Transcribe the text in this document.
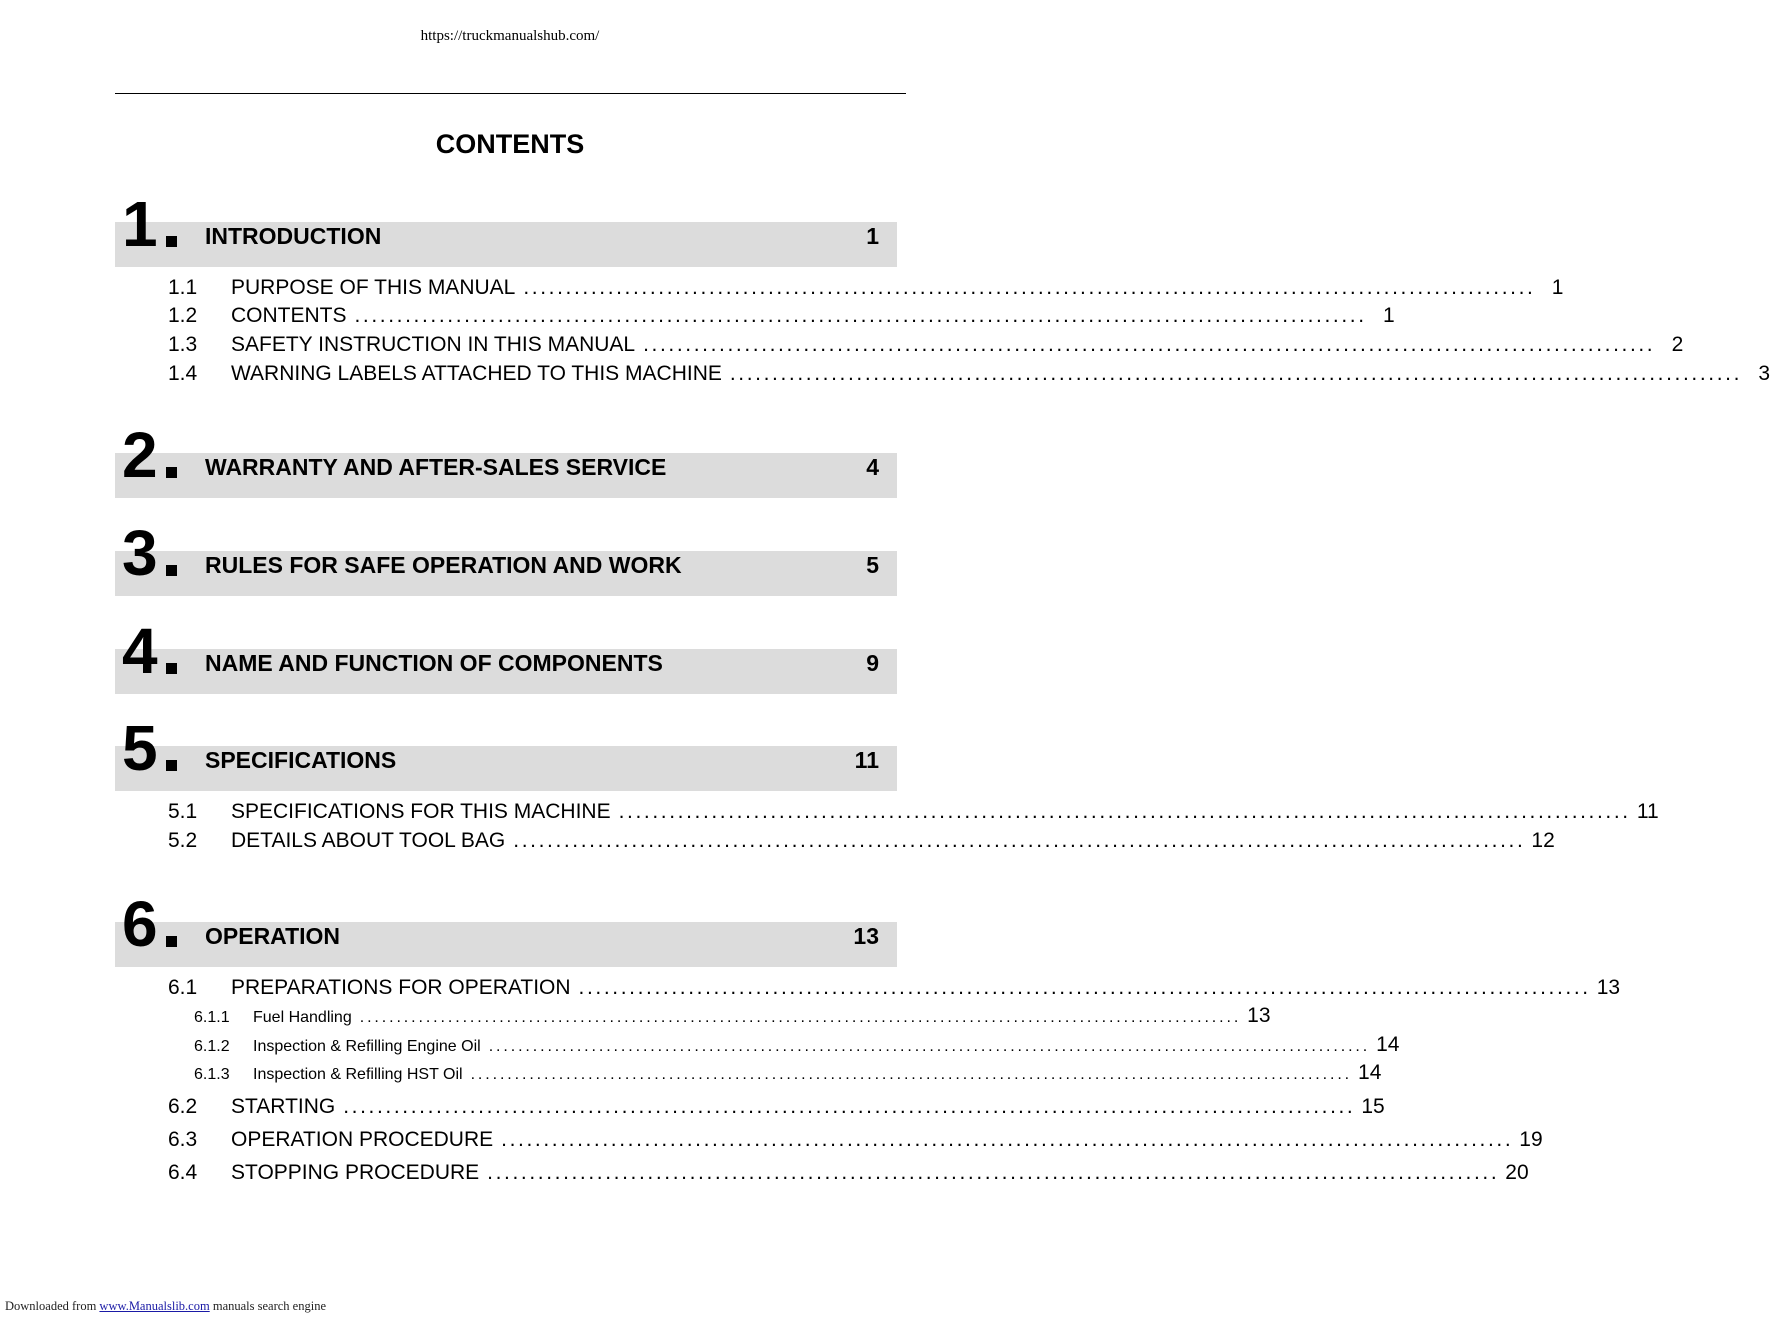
https://truckmanualshub.com/
CONTENTS
1 INTRODUCTION	1
1.1	PURPOSE OF THIS MANUAL ........................................................................................................................ 1
1.2	CONTENTS ........................................................................................................................ 1
1.3	SAFETY INSTRUCTION IN THIS MANUAL ........................................................................................................................ 2
1.4	WARNING LABELS ATTACHED TO THIS MACHINE ........................................................................................................................ 3
2 WARRANTY AND AFTER-SALES SERVICE	4
3 RULES FOR SAFE OPERATION AND WORK	5
4 NAME AND FUNCTION OF COMPONENTS	9
5 SPECIFICATIONS	11
5.1	SPECIFICATIONS FOR THIS MACHINE ........................................................................................................................ 11
5.2	DETAILS ABOUT TOOL BAG ........................................................................................................................ 12
6 OPERATION	13
6.1	PREPARATIONS FOR OPERATION ........................................................................................................................ 13
6.1.1	Fuel Handling ........................................................................................................................ 13
6.1.2	Inspection & Refilling Engine Oil ........................................................................................................................ 14
6.1.3	Inspection & Refilling HST Oil ........................................................................................................................ 14
6.2	STARTING ........................................................................................................................ 15
6.3	OPERATION PROCEDURE ........................................................................................................................ 19
6.4	STOPPING PROCEDURE ........................................................................................................................ 20
Downloaded from www.Manualslib.com manuals search engine
